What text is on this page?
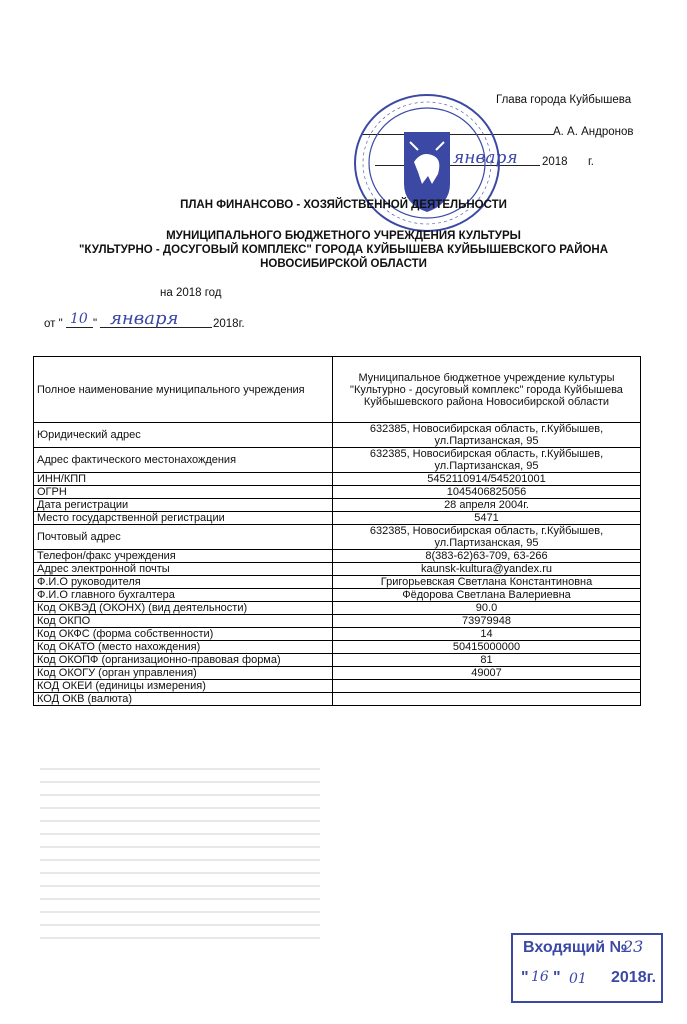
Глава города Куйбышева
А. А. Андронов
января 2018 г.
ПЛАН ФИНАНСОВО - ХОЗЯЙСТВЕННОЙ ДЕЯТЕЛЬНОСТИ
МУНИЦИПАЛЬНОГО БЮДЖЕТНОГО УЧРЕЖДЕНИЯ КУЛЬТУРЫ
"КУЛЬТУРНО - ДОСУГОВЫЙ КОМПЛЕКС" ГОРОДА КУЙБЫШЕВА КУЙБЫШЕВСКОГО РАЙОНА
НОВОСИБИРСКОЙ ОБЛАСТИ
на 2018 год
от " 10 " января	2018г.
Полное наименование муниципального учреждения	Муниципальное бюджетное учреждение культуры "Культурно - досуговый комплекс" города Куйбышева Куйбышевского района Новосибирской области
Юридический адрес	632385, Новосибирская область, г.Куйбышев, ул.Партизанская, 95
Адрес фактического местонахождения	632385, Новосибирская область, г.Куйбышев, ул.Партизанская, 95
ИНН/КПП	5452110914/545201001
ОГРН	1045406825056
Дата регистрации	28 апреля 2004г.
Место государственной регистрации	5471
Почтовый адрес	632385, Новосибирская область, г.Куйбышев, ул.Партизанская, 95
Телефон/факс учреждения	8(383-62)63-709, 63-266
Адрес электронной почты	kaunsk-kultura@yandex.ru
Ф.И.О руководителя	Григорьевская Светлана Константиновна
Ф.И.О главного бухгалтера	Фёдорова Светлана Валериевна
Код ОКВЭД (ОКОНХ) (вид деятельности)	90.0
Код ОКПО	73979948
Код ОКФС (форма собственности)	14
Код ОКАТО (место нахождения)	50415000000
Код ОКОПФ (организационно-правовая форма)	81
Код ОКОГУ (орган управления)	49007
КОД ОКЕИ (единицы измерения)	
КОД ОКВ (валюта)	
Входящий №
23
" 16 " 01 2018г.
